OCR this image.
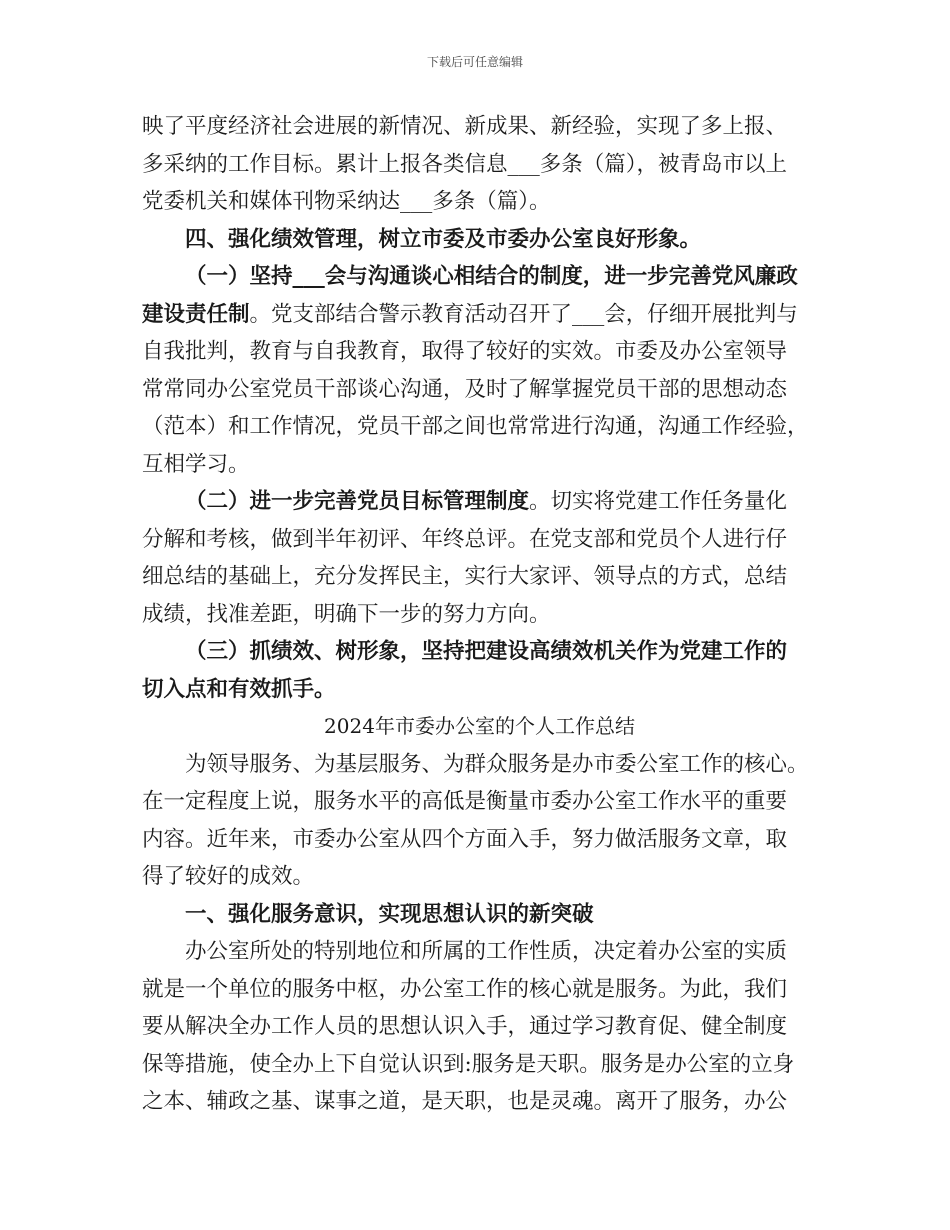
下载后可任意编辑
映了平度经济社会进展的新情况、新成果、新经验，实现了多上报、
多采纳的工作目标。累计上报各类信息___多条（篇），被青岛市以上
党委机关和媒体刊物采纳达___多条（篇）。
四、强化绩效管理，树立市委及市委办公室良好形象。
（一）坚持___会与沟通谈心相结合的制度，进一步完善党风廉政
建设责任制。党支部结合警示教育活动召开了___会，仔细开展批判与
自我批判，教育与自我教育，取得了较好的实效。市委及办公室领导
常常同办公室党员干部谈心沟通，及时了解掌握党员干部的思想动态
（范本）和工作情况，党员干部之间也常常进行沟通，沟通工作经验，
互相学习。
（二）进一步完善党员目标管理制度。切实将党建工作任务量化
分解和考核，做到半年初评、年终总评。在党支部和党员个人进行仔
细总结的基础上，充分发挥民主，实行大家评、领导点的方式，总结
成绩，找准差距，明确下一步的努力方向。
（三）抓绩效、树形象，坚持把建设高绩效机关作为党建工作的
切入点和有效抓手。
2024年市委办公室的个人工作总结
为领导服务、为基层服务、为群众服务是办市委公室工作的核心。
在一定程度上说，服务水平的高低是衡量市委办公室工作水平的重要
内容。近年来，市委办公室从四个方面入手，努力做活服务文章，取
得了较好的成效。
一、强化服务意识，实现思想认识的新突破
办公室所处的特别地位和所属的工作性质，决定着办公室的实质
就是一个单位的服务中枢，办公室工作的核心就是服务。为此，我们
要从解决全办工作人员的思想认识入手，通过学习教育促、健全制度
保等措施，使全办上下自觉认识到:服务是天职。服务是办公室的立身
之本、辅政之基、谋事之道，是天职，也是灵魂。离开了服务，办公
